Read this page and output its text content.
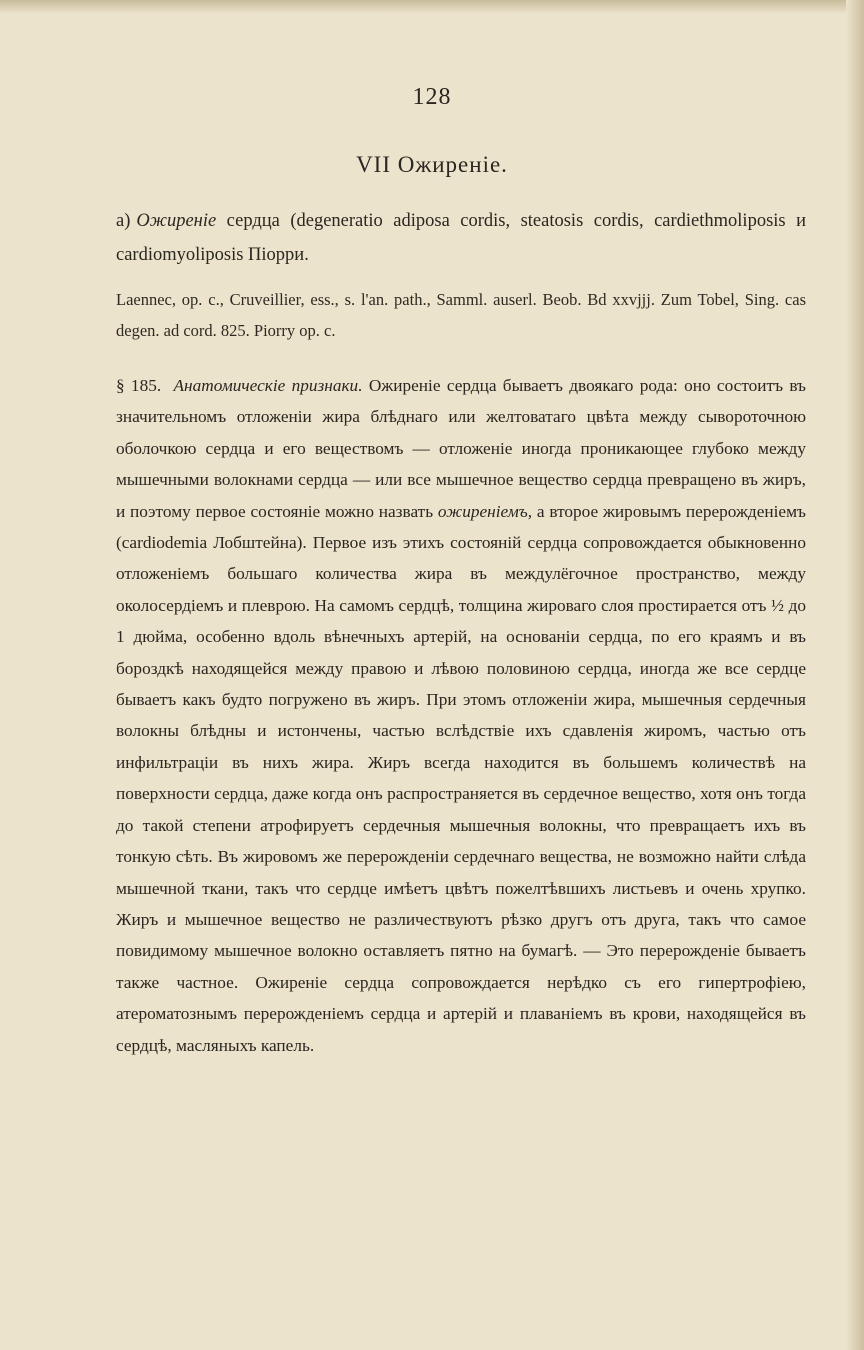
128
VII Ожиреніе.
а) Ожиреніе сердца (degeneratio adiposa cordis, steatosis cordis, cardiethmoliposis и cardiomyoliposis Піорри.
Laennec, op. c., Cruveillier, ess., s. l'an. path., Samml. auserl. Beob. Bd xxvjjj. Zum Tobel, Sing. cas degen. ad cord. 825. Piorry op. c.
§ 185. Анатомическіе признаки. Ожиреніе сердца бываетъ двоякаго рода: оно состоитъ въ значительномъ отложеніи жира блѣднаго или желтоватаго цвѣта между сывороточною оболочкою сердца и его веществомъ — отложеніе иногда проникающее глубоко между мышечными волокнами сердца — или все мышечное вещество сердца превращено въ жиръ, и поэтому первое состояніе можно назвать ожиреніемъ, а второе жировымъ перерожденіемъ (cardiodemia Лобштейна). Первое изъ этихъ состояній сердца сопровождается обыкновенно отложеніемъ большаго количества жира въ междулёгочное пространство, между околосердіемъ и плеврою. На самомъ сердцѣ, толщина жироваго слоя простирается отъ ½ до 1 дюйма, особенно вдоль вѣнечныхъ артерій, на основаніи сердца, по его краямъ и въ бороздкѣ находящейся между правою и лѣвою половиною сердца, иногда же все сердце бываетъ какъ будто погружено въ жиръ. При этомъ отложеніи жира, мышечныя сердечныя волокны блѣдны и истончены, частью вслѣдствіе ихъ сдавленія жиромъ, частью отъ инфильтраціи въ нихъ жира. Жиръ всегда находится въ большемъ количествѣ на поверхности сердца, даже когда онъ распространяется въ сердечное вещество, хотя онъ тогда до такой степени атрофируетъ сердечныя мышечныя волокны, что превращаетъ ихъ въ тонкую сѣть. Въ жировомъ же перерожденіи сердечнаго вещества, не возможно найти слѣда мышечной ткани, такъ что сердце имѣетъ цвѣтъ пожелтѣвшихъ листьевъ и очень хрупко. Жиръ и мышечное вещество не различествуютъ рѣзко другъ отъ друга, такъ что самое повидимому мышечное волокно оставляетъ пятно на бумагѣ. — Это перерожденіе бываетъ также частное. Ожиреніе сердца сопровождается нерѣдко съ его гипертрофіею, атероматознымъ перерожденіемъ сердца и артерій и плаваніемъ въ крови, находящейся въ сердцѣ, масляныхъ капель.
